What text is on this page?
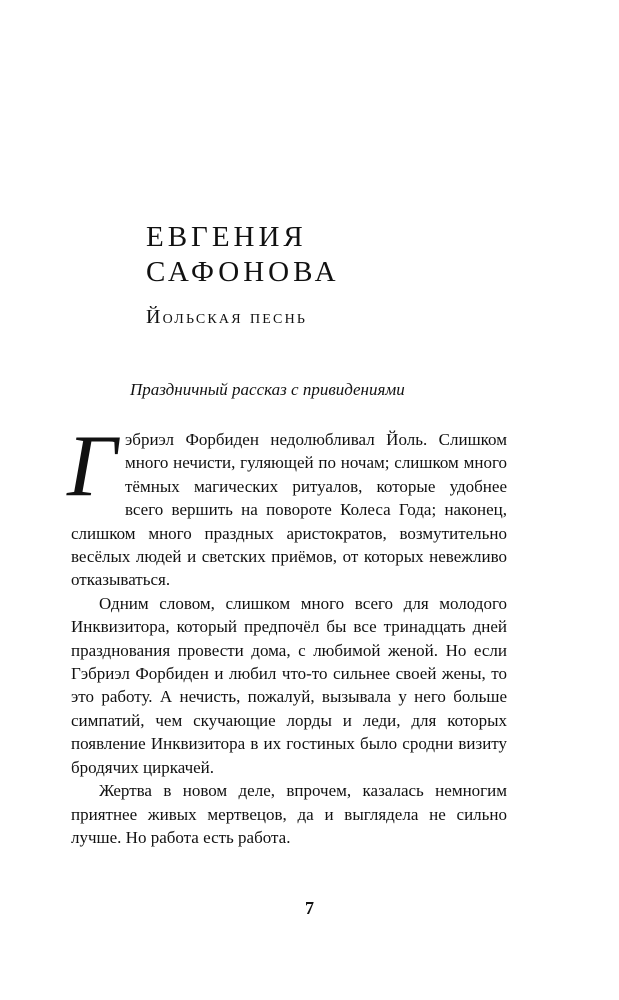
ЕВГЕНИЯ
САФОНОВА
Йольская песнь

Праздничный рассказ с привидениями

Гэбриэл Форбиден недолюбливал Йоль. Слишком много нечисти, гуляющей по ночам; слишком много тёмных магических ритуалов, которые удобнее всего вершить на повороте Колеса Года; наконец, слишком много праздных аристократов, возмутительно весёлых людей и светских приёмов, от которых невежливо отказываться.

Одним словом, слишком много всего для молодого Инквизитора, который предпочёл бы все тринадцать дней празднования провести дома, с любимой женой. Но если Гэбриэл Форбиден и любил что-то сильнее своей жены, то это работу. А нечисть, пожалуй, вызывала у него больше симпатий, чем скучающие лорды и леди, для которых появление Инквизитора в их гостиных было сродни визиту бродячих циркачей.

Жертва в новом деле, впрочем, казалась немногим приятнее живых мертвецов, да и выглядела не сильно лучше. Но работа есть работа.

7
